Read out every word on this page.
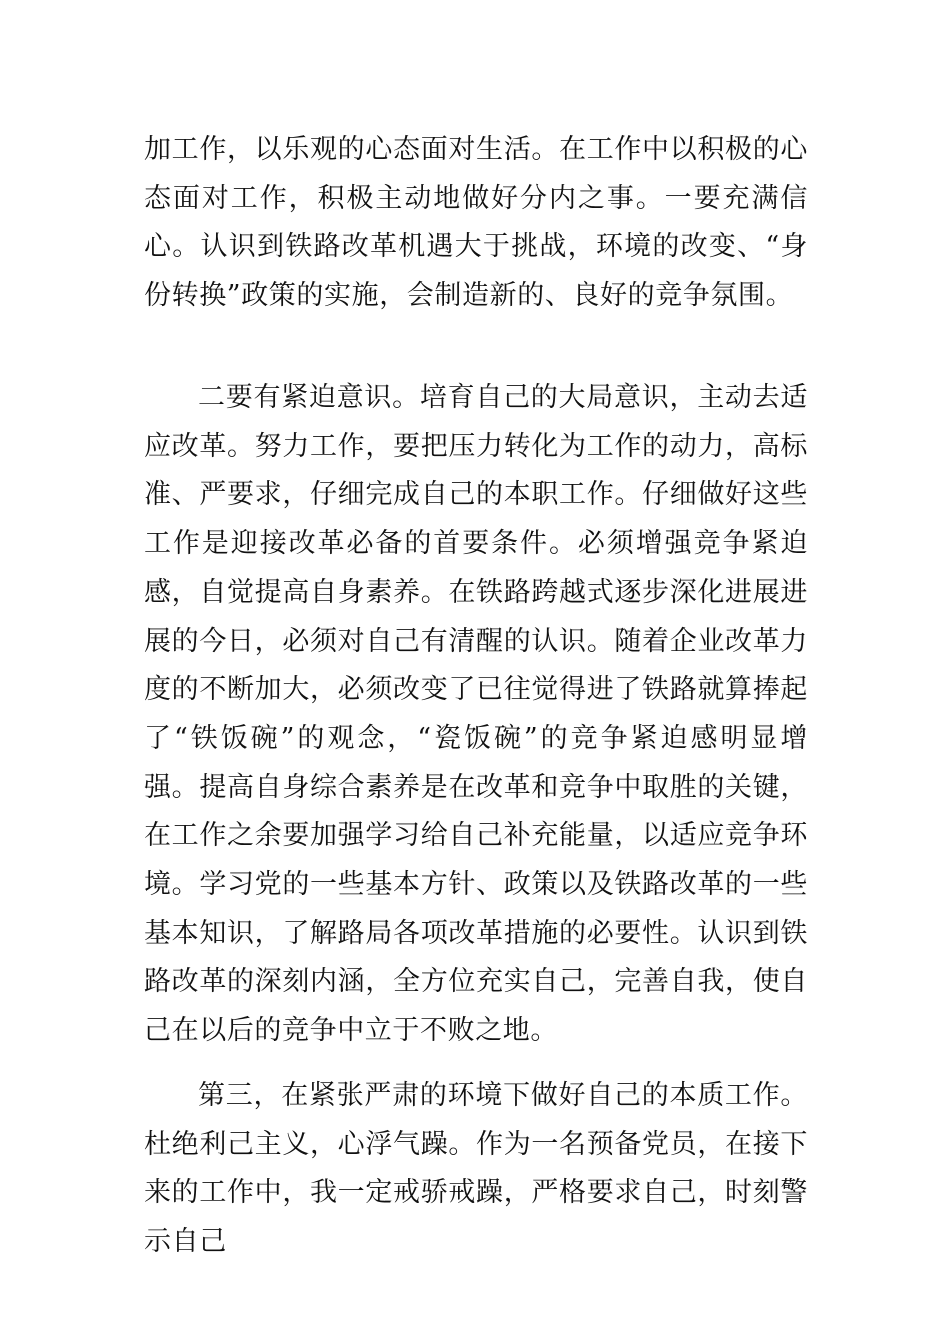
加工作，以乐观的心态面对生活。在工作中以积极的心态面对工作，积极主动地做好分内之事。一要充满信心。认识到铁路改革机遇大于挑战，环境的改变、“身份转换”政策的实施，会制造新的、良好的竞争氛围。

二要有紧迫意识。培育自己的大局意识，主动去适应改革。努力工作，要把压力转化为工作的动力，高标准、严要求，仔细完成自己的本职工作。仔细做好这些工作是迎接改革必备的首要条件。必须增强竞争紧迫感，自觉提高自身素养。在铁路跨越式逐步深化进展进展的今日，必须对自己有清醒的认识。随着企业改革力度的不断加大，必须改变了已往觉得进了铁路就算捧起了“铁饭碗”的观念，“瓷饭碗”的竞争紧迫感明显增强。提高自身综合素养是在改革和竞争中取胜的关键，在工作之余要加强学习给自己补充能量，以适应竞争环境。学习党的一些基本方针、政策以及铁路改革的一些基本知识，了解路局各项改革措施的必要性。认识到铁路改革的深刻内涵，全方位充实自己，完善自我，使自己在以后的竞争中立于不败之地。

第三，在紧张严肃的环境下做好自己的本质工作。杜绝利己主义，心浮气躁。作为一名预备党员，在接下来的工作中，我一定戒骄戒躁，严格要求自己，时刻警示自己
